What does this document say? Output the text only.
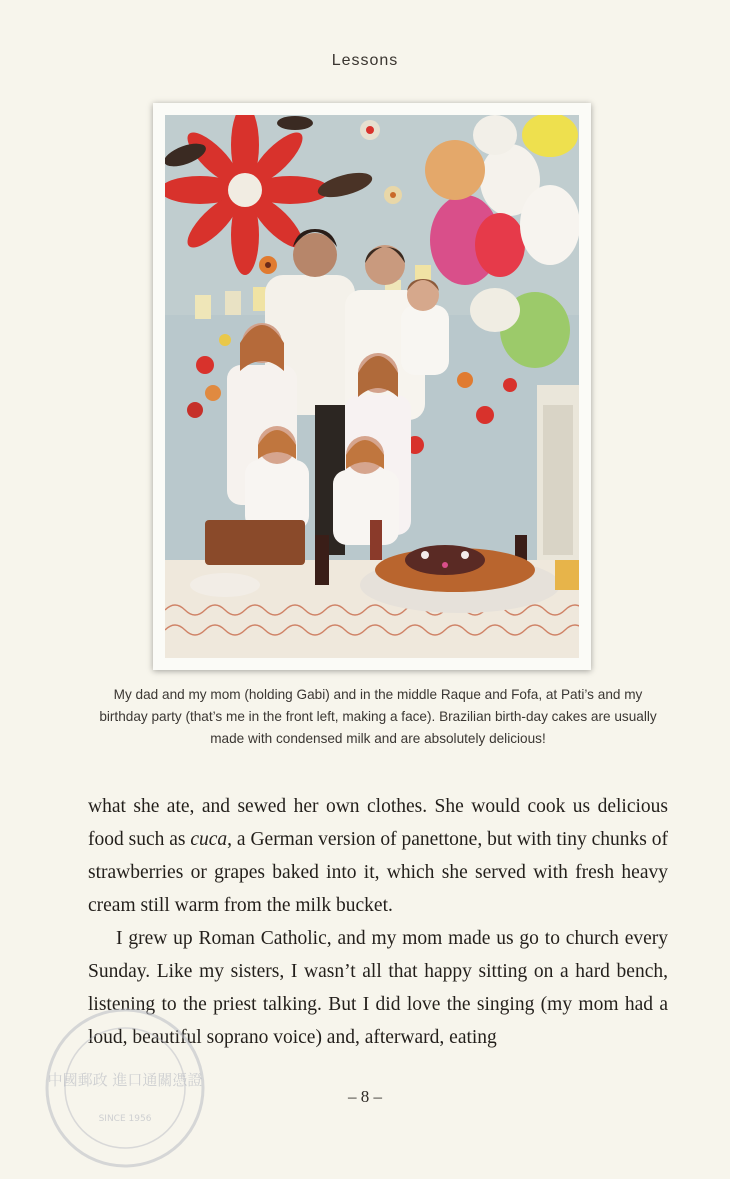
Lessons
My dad and my mom (holding Gabi) and in the middle Raque and Fofa, at Pati’s and my birthday party (that’s me in the front left, making a face). Brazilian birth-day cakes are usually made with condensed milk and are absolutely delicious!

what she ate, and sewed her own clothes. She would cook us delicious food such as cuca, a German version of panettone, but with tiny chunks of strawberries or grapes baked into it, which she served with fresh heavy cream still warm from the milk bucket.

I grew up Roman Catholic, and my mom made us go to church every Sunday. Like my sisters, I wasn’t all that happy sitting on a hard bench, listening to the priest talking. But I did love the singing (my mom had a loud, beautiful soprano voice) and, afterward, eating

– 8 –
中國郵政 進口通關憑證
SINCE 1956
